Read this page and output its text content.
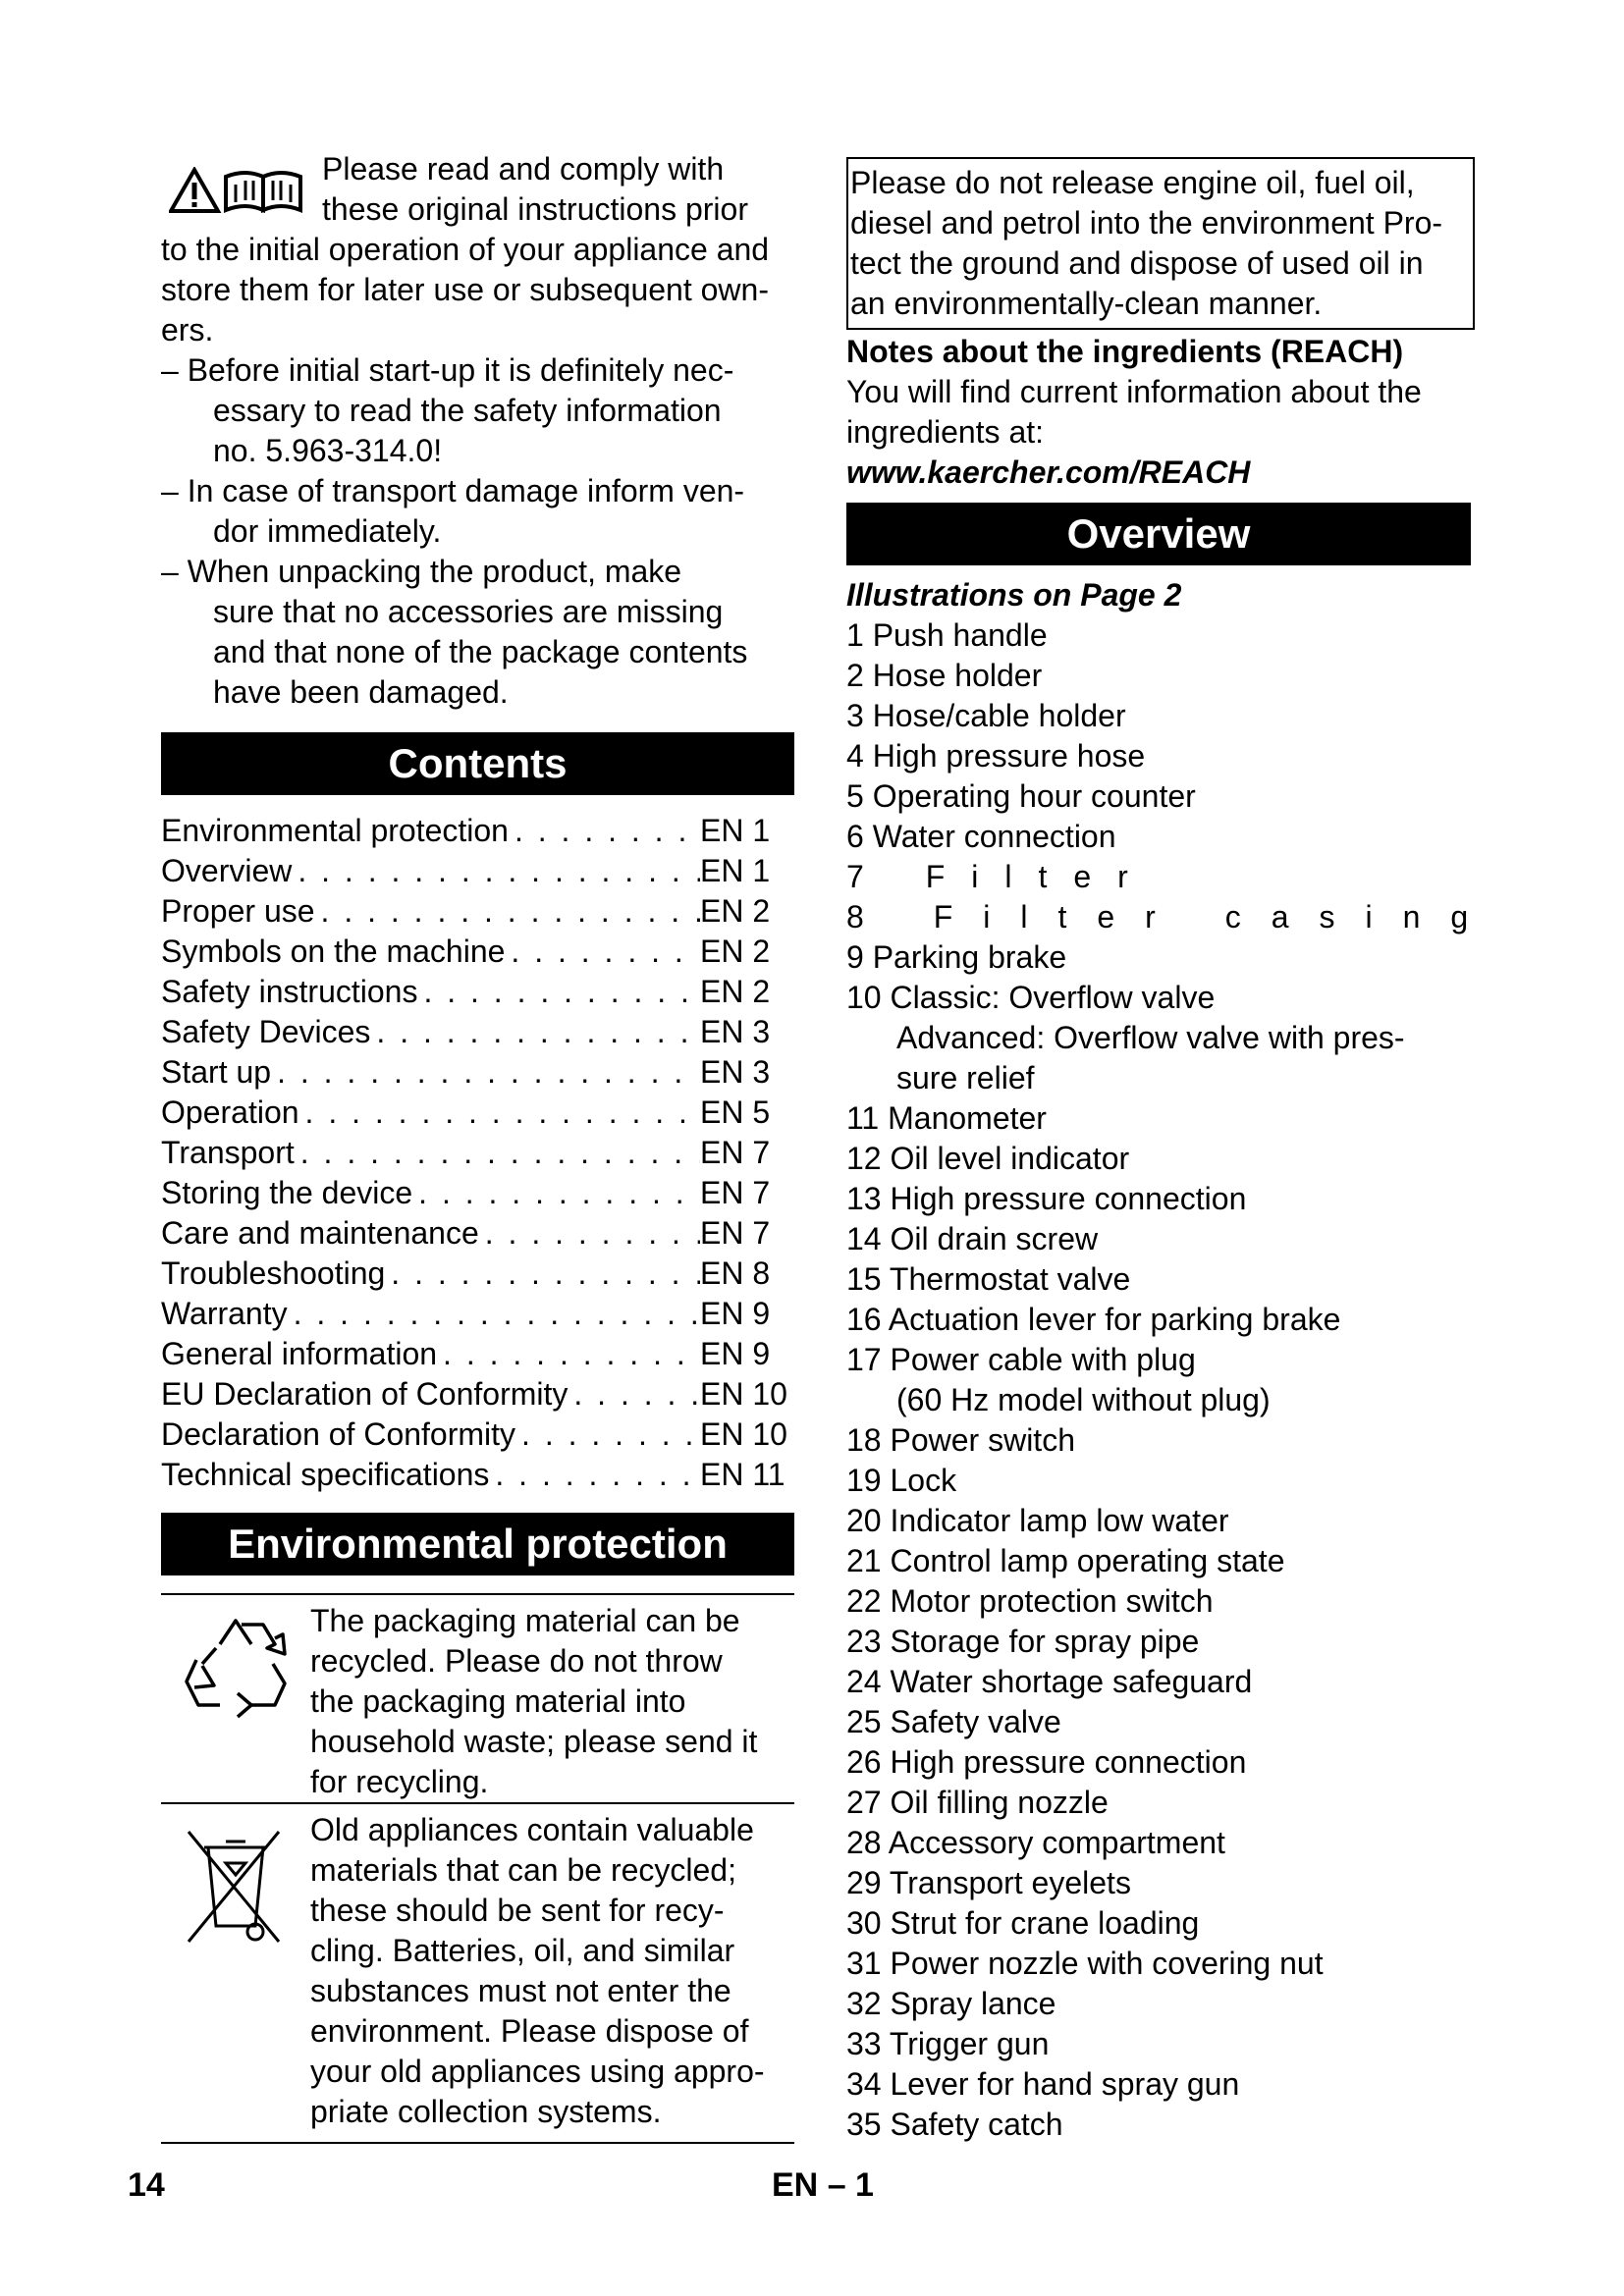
Please read and comply with

these original instructions prior

to the initial operation of your appliance and

store them for later use or subsequent own-

ers.

– Before initial start-up it is definitely nec-

essary to read the safety information

no. 5.963-314.0!

– In case of transport damage inform ven-

dor immediately.

– When unpacking the product, make

sure that no accessories are missing

and that none of the package contents

have been damaged.

Contents
Environmental protection . . .	EN 1
Overview . . .	EN 1
Proper use . . .	EN 2
Symbols on the machine . . .	EN 2
Safety instructions . . .	EN 2
Safety Devices . . .	EN 3
Start up . . .	EN 3
Operation . . .	EN 5
Transport . . .	EN 7
Storing the device . . .	EN 7
Care and maintenance . . .	EN 7
Troubleshooting . . .	EN 8
Warranty . . .	EN 9
General information . . .	EN 9
EU Declaration of Conformity . . .	EN 10
Declaration of Conformity . . .	EN 10
Technical specifications . . .	EN 11
Environmental protection

The packaging material can be

recycled. Please do not throw

the packaging material into

household waste; please send it

for recycling.

Old appliances contain valuable

materials that can be recycled;

these should be sent for recy-

cling. Batteries, oil, and similar

substances must not enter the

environment. Please dispose of

your old appliances using appro-

priate collection systems.

Please do not release engine oil, fuel oil,

diesel and petrol into the environment Pro-

tect the ground and dispose of used oil in

an environmentally-clean manner.

Notes about the ingredients (REACH)

You will find current information about the

ingredients at:

www.kaercher.com/REACH

Overview

Illustrations on Page 2

1 Push handle

2 Hose holder

3 Hose/cable holder

4 High pressure hose

5 Operating hour counter

6 Water connection

7 Filter

8 Filter casing

9 Parking brake

10 Classic: Overflow valve

Advanced: Overflow valve with pres-

sure relief

11 Manometer

12 Oil level indicator

13 High pressure connection

14 Oil drain screw

15 Thermostat valve

16 Actuation lever for parking brake

17 Power cable with plug

(60 Hz model without plug)

18 Power switch

19 Lock

20 Indicator lamp low water

21 Control lamp operating state

22 Motor protection switch

23 Storage for spray pipe

24 Water shortage safeguard

25 Safety valve

26 High pressure connection

27 Oil filling nozzle

28 Accessory compartment

29 Transport eyelets

30 Strut for crane loading

31 Power nozzle with covering nut

32 Spray lance

33 Trigger gun

34 Lever for hand spray gun

35 Safety catch

14	EN – 1
